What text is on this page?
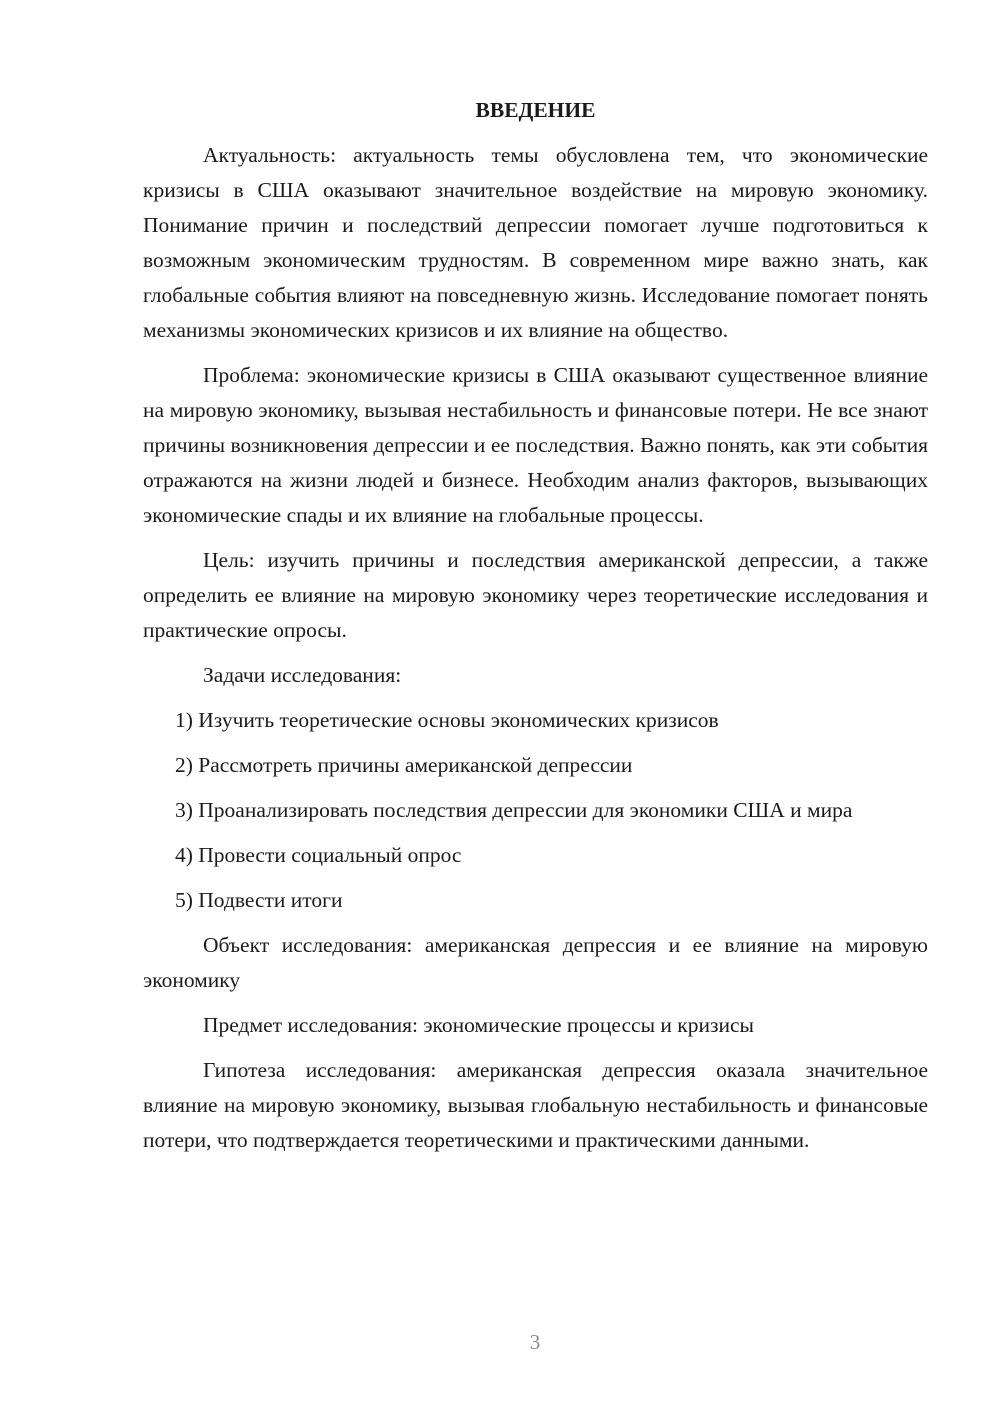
ВВЕДЕНИЕ

Актуальность: актуальность темы обусловлена тем, что экономические кризисы в США оказывают значительное воздействие на мировую экономику. Понимание причин и последствий депрессии помогает лучше подготовиться к возможным экономическим трудностям. В современном мире важно знать, как глобальные события влияют на повседневную жизнь. Исследование помогает понять механизмы экономических кризисов и их влияние на общество.

Проблема: экономические кризисы в США оказывают существенное влияние на мировую экономику, вызывая нестабильность и финансовые потери. Не все знают причины возникновения депрессии и ее последствия. Важно понять, как эти события отражаются на жизни людей и бизнесе. Необходим анализ факторов, вызывающих экономические спады и их влияние на глобальные процессы.

Цель: изучить причины и последствия американской депрессии, а также определить ее влияние на мировую экономику через теоретические исследования и практические опросы.

Задачи исследования:

1) Изучить теоретические основы экономических кризисов

2) Рассмотреть причины американской депрессии

3) Проанализировать последствия депрессии для экономики США и мира

4) Провести социальный опрос

5) Подвести итоги

Объект исследования: американская депрессия и ее влияние на мировую экономику

Предмет исследования: экономические процессы и кризисы

Гипотеза исследования: американская депрессия оказала значительное влияние на мировую экономику, вызывая глобальную нестабильность и финансовые потери, что подтверждается теоретическими и практическими данными.

3
